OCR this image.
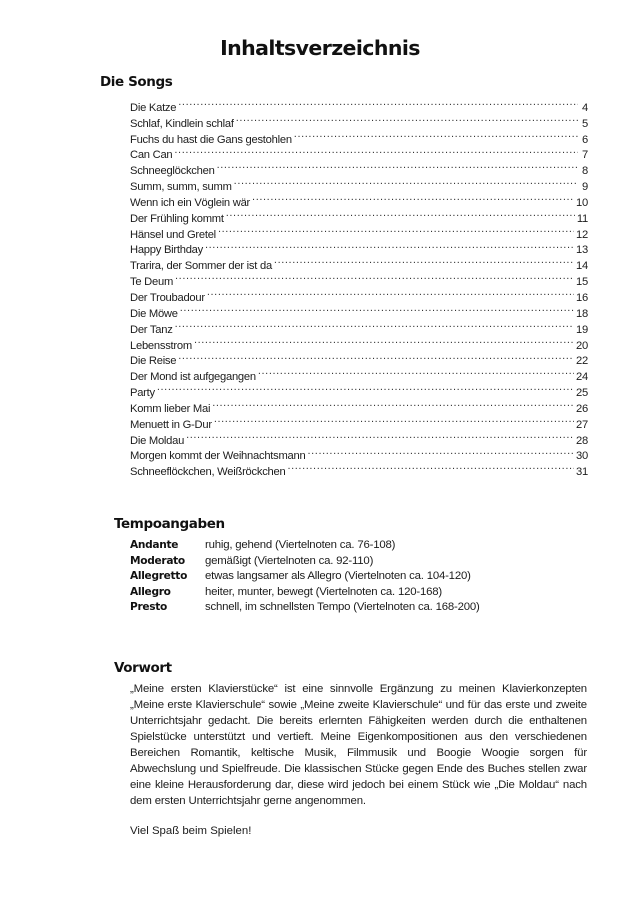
Inhaltsverzeichnis
Die Songs
Die Katze .....	4
Schlaf, Kindlein schlaf .....	5
Fuchs du hast die Gans gestohlen .....	6
Can Can .....	7
Schneeglöckchen .....	8
Summ, summ, summ .....	9
Wenn ich ein Vöglein wär .....	10
Der Frühling kommt .....	11
Hänsel und Gretel .....	12
Happy Birthday .....	13
Trarira, der Sommer der ist da .....	14
Te Deum .....	15
Der Troubadour .....	16
Die Möwe .....	18
Der Tanz .....	19
Lebensstrom .....	20
Die Reise .....	22
Der Mond ist aufgegangen .....	24
Party .....	25
Komm lieber Mai .....	26
Menuett in G-Dur .....	27
Die Moldau .....	28
Morgen kommt der Weihnachtsmann .....	30
Schneeflöckchen, Weißröckchen .....	31
Tempoangaben
Andante	ruhig, gehend (Viertelnoten ca. 76-108)
Moderato	gemäßigt (Viertelnoten ca. 92-110)
Allegretto	etwas langsamer als Allegro (Viertelnoten ca. 104-120)
Allegro	heiter, munter, bewegt (Viertelnoten ca. 120-168)
Presto	schnell, im schnellsten Tempo (Viertelnoten ca. 168-200)
Vorwort

„Meine ersten Klavierstücke“ ist eine sinnvolle Ergänzung zu meinen Klavierkonzepten „Meine erste Klavierschule“ sowie „Meine zweite Klavierschule“ und für das erste und zweite Unterrichtsjahr gedacht. Die bereits erlernten Fähigkeiten werden durch die enthaltenen Spielstücke unterstützt und vertieft. Meine Eigenkompositionen aus den verschiedenen Bereichen Romantik, keltische Musik, Filmmusik und Boogie Woogie sorgen für Abwechslung und Spielfreude. Die klassischen Stücke gegen Ende des Buches stellen zwar eine kleine Herausforderung dar, diese wird jedoch bei einem Stück wie „Die Moldau“ nach dem ersten Unterrichtsjahr gerne angenommen.

Viel Spaß beim Spielen!
